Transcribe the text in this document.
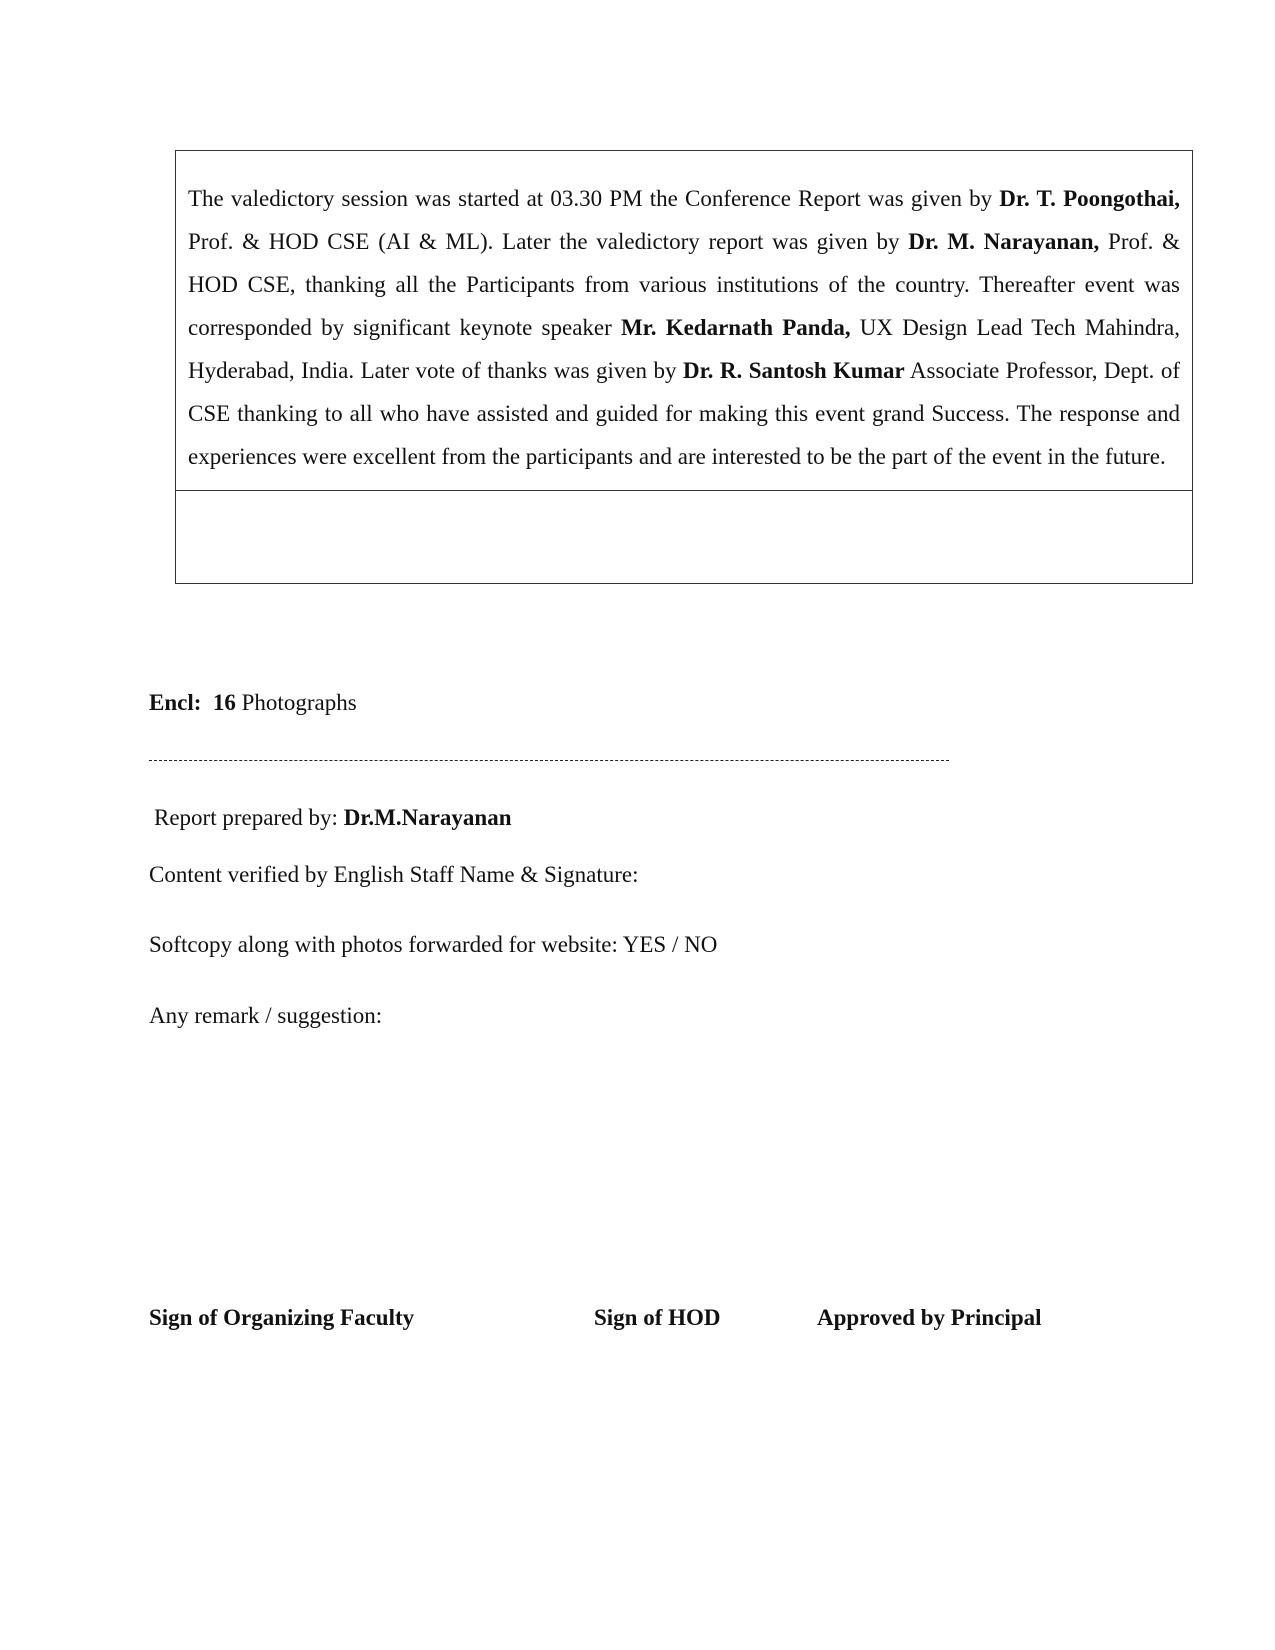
The valedictory session was started at 03.30 PM the Conference Report was given by Dr. T. Poongothai, Prof. & HOD CSE (AI & ML). Later the valedictory report was given by Dr. M. Narayanan, Prof. & HOD CSE, thanking all the Participants from various institutions of the country. Thereafter event was corresponded by significant keynote speaker Mr. Kedarnath Panda, UX Design Lead Tech Mahindra, Hyderabad, India. Later vote of thanks was given by Dr. R. Santosh Kumar Associate Professor, Dept. of CSE thanking to all who have assisted and guided for making this event grand Success. The response and experiences were excellent from the participants and are interested to be the part of the event in the future.
Encl: 16 Photographs
Report prepared by: Dr.M.Narayanan
Content verified by English Staff Name & Signature:
Softcopy along with photos forwarded for website: YES / NO
Any remark / suggestion:
Sign of Organizing Faculty	Sign of HOD	Approved by Principal
